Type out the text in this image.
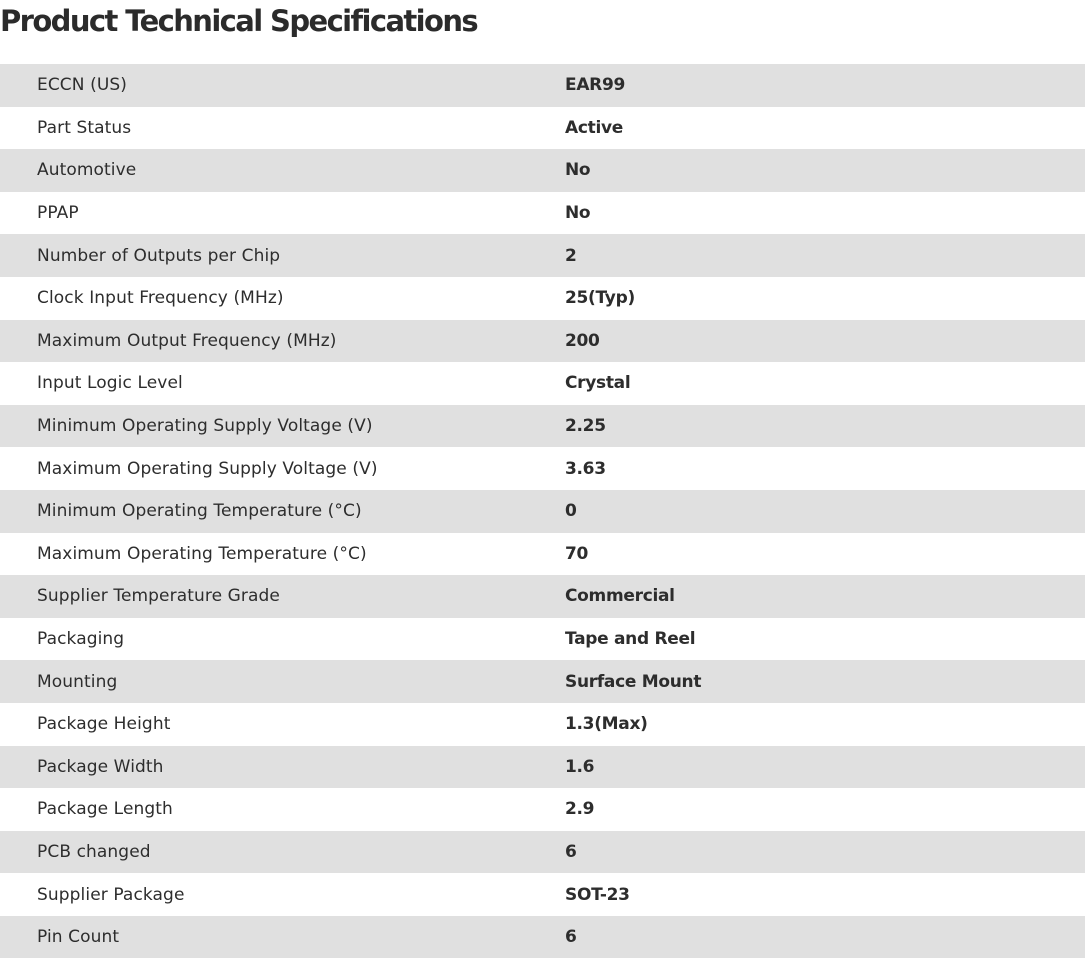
Product Technical Specifications
ECCN (US)	EAR99
Part Status	Active
Automotive	No
PPAP	No
Number of Outputs per Chip	2
Clock Input Frequency (MHz)	25(Typ)
Maximum Output Frequency (MHz)	200
Input Logic Level	Crystal
Minimum Operating Supply Voltage (V)	2.25
Maximum Operating Supply Voltage (V)	3.63
Minimum Operating Temperature (°C)	0
Maximum Operating Temperature (°C)	70
Supplier Temperature Grade	Commercial
Packaging	Tape and Reel
Mounting	Surface Mount
Package Height	1.3(Max)
Package Width	1.6
Package Length	2.9
PCB changed	6
Supplier Package	SOT-23
Pin Count	6
